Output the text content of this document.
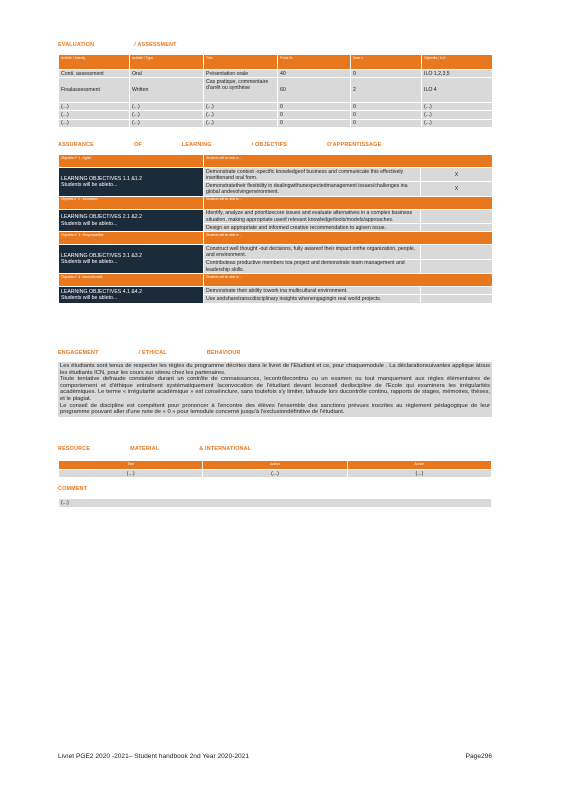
EVALUATION	/ ASSESSMENT
Activité / Activity	Activité / Type	Titre	Poids %	Note ±	Objectifs / ILO
Conti. assessment	Oral	Présentation orale	40	0	ILO 1,2,3,5
Finalassessment	Written	Cas pratique, commentaire d'arrêt ou synthèse	60	2	ILO 4
(...)	(...)	(...)	0	0	(...)
(...)	(...)	(...)	0	0	(...)
(...)	(...)	(...)	0	0	(...)
ASSURANCE	OF	LEARNING	/ OBJECTIFS	D'APPRENTISSAGE
Objectifs n° 1 : Agilité	Students will be able to ...	

LEARNING OBJECTIVES 1.1 &1.2
Students will be ableto...	Demonstrate context -specific knowledgeof business and communicate this effectively inwrittenand oral form.	X
	Demonstratetheir flexibility in dealingwithunexpectedmanagement issues/challenges ina global andevolvingenvironment.	X
Objectifs n° 2 : Innovation	Students will be able to ...	

LEARNING OBJECTIVES 2.1 &2.2
Students will be ableto...	Identify, analyze and prioritizecore issues and evaluate alternatives in a complex business situation, making appropriate useof relevant knowledge/tools/models/approaches.	
	Design an appropriate and informed creative recommendation to agiven issue.	
Objectifs n° 3 : Responsabilité	Students will be able to ...	

LEARNING OBJECTIVES 3.1 &3.2
Students will be ableto...	Construct well thought -out decisions, fully awareof their impact onthe organization, people, and environment.	
	Contributeas productive members toa project and demonstrate team management and leadership skills.	
Objectifs n° 4 : Interculturalité	Students will be able to ...	

LEARNING OBJECTIVES 4.1 &4.2
Students will be ableto...	Demonstrate their ability towork ina multicultural environment.	
	Use andsharetranscdisciplinary insights whenengagingin real world projects.	
ENGAGEMENT	/ ETHICAL	BEHAVIOUR

Les étudiants sont tenus de respecter les règles du programme décrites dans le livret de l'Etudiant et ce, pour chaquemodule . La déclarationsuivantes applique àtous les étudiants ICN, pour les cours sur siteou chez les partenaires.

Toute tentative defraude constatée durant un contrôle de connaissances, lecontrôlecontinu ou un examen ou tout manquement aux règles élémentaires de comportement et d'éthique entraînent systématiquement laconvocation de l'étudiant devant leconseil dediscipline de l'Ecole qui examinera les irrégularités académiques. Le terme « irrégularité académique » est conséinclure, sans toutefois s'y limiter, lafraude lors ducontrôle continu, rapports de stages, mémoires, thèses, et le plagiat.

Le conseil de discipline est compétent pour prononcer à l'encontre des élèves l'ensemble des sanctions prévues inscrites au règlement pédagogique de leur programme pouvant aller d'une note de « 0 » pour lemodule concerné jusqu'à l'exclusiondéfinitive de l'étudiant.

RESOURCE	MATERIAL	& INTERNATIONAL
Titre	Auteur	Année
(...)	(...)	(...)
COMMENT
(...)
Livret PGE2 2020 -2021– Student handbook 2nd Year 2020-2021	Page296
